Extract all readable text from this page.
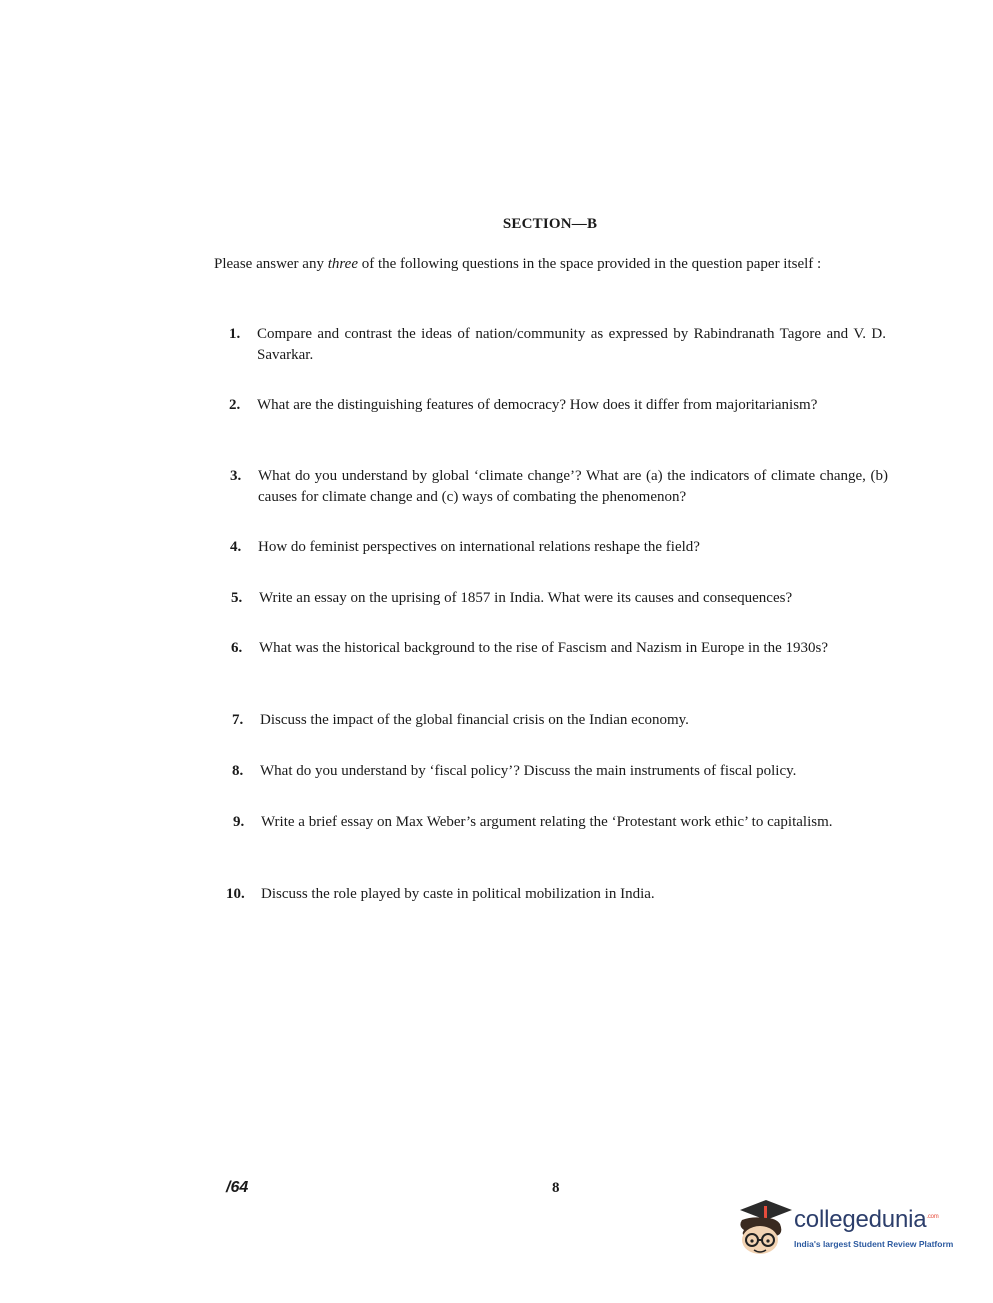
SECTION—B
Please answer any three of the following questions in the space provided in the question paper itself :
1.	Compare and contrast the ideas of nation/community as expressed by Rabindranath Tagore and V. D. Savarkar.
2.	What are the distinguishing features of democracy? How does it differ from majoritarianism?
3.	What do you understand by global ‘climate change’? What are (a) the indicators of climate change, (b) causes for climate change and (c) ways of combating the phenomenon?
4.	How do feminist perspectives on international relations reshape the field?
5.	Write an essay on the uprising of 1857 in India. What were its causes and consequences?
6.	What was the historical background to the rise of Fascism and Nazism in Europe in the 1930s?
7.	Discuss the impact of the global financial crisis on the Indian economy.
8.	What do you understand by ‘fiscal policy’? Discuss the main instruments of fiscal policy.
9.	Write a brief essay on Max Weber’s argument relating the ‘Protestant work ethic’ to capitalism.
10.	Discuss the role played by caste in political mobilization in India.
/64	8
collegedunia$^{.com}$
India's largest Student Review Platform
